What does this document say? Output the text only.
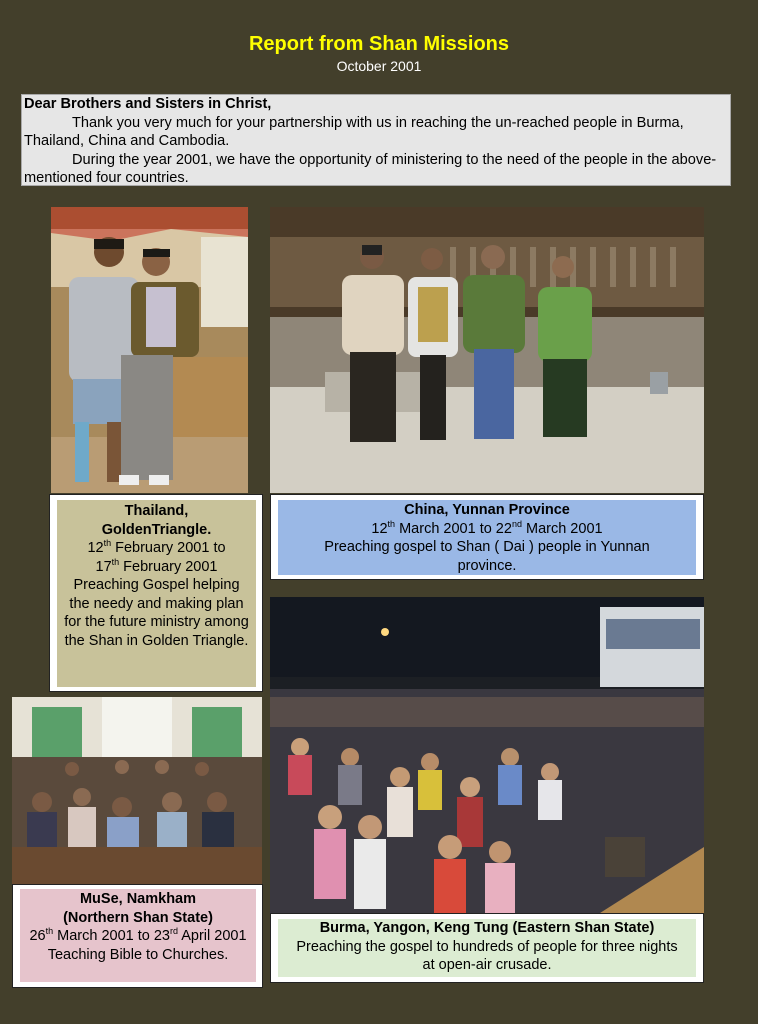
Report from Shan Missions
October 2001
Dear Brothers and Sisters in Christ,
Thank you very much for your partnership with us in reaching the un-reached people in Burma, Thailand, China and Cambodia.
During the year 2001, we have the opportunity of ministering to the need of the people in the above-mentioned four countries.
Thailand,
GoldenTriangle.
12th February 2001 to
17th February 2001
Preaching Gospel helping the needy and making plan for the future ministry among the Shan in Golden Triangle.
China, Yunnan Province
12th March 2001 to 22nd March 2001
Preaching gospel to Shan ( Dai ) people in Yunnan province.
MuSe, Namkham
(Northern Shan State)
26th March 2001 to 23rd April 2001
Teaching Bible to Churches.
Burma, Yangon, Keng Tung (Eastern Shan State)
Preaching the gospel to hundreds of people for three nights at open-air crusade.
